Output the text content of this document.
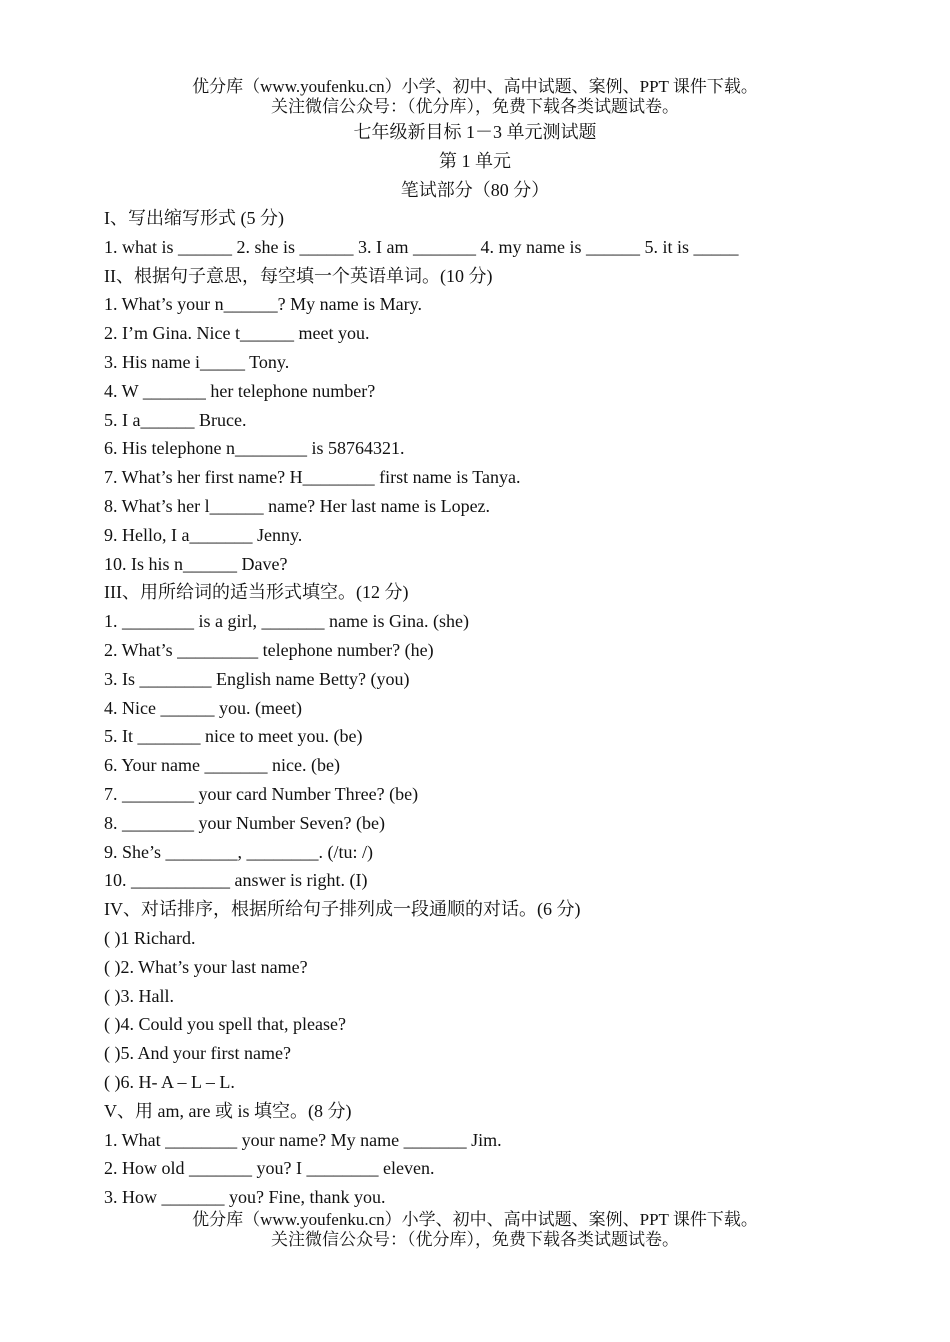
优分库（www.youfenku.cn）小学、初中、高中试题、案例、PPT 课件下载。
关注微信公众号：（优分库），免费下载各类试题试卷。
七年级新目标 1－3 单元测试题
第 1 单元
笔试部分（80 分）
I、写出缩写形式 (5 分)
1. what is ______ 2. she is ______ 3. I am _______ 4. my name is ______ 5. it is _____
II、根据句子意思，每空填一个英语单词。(10 分)
1. What’s your n______? My name is Mary.
2. I’m Gina. Nice t______ meet you.
3. His name i_____ Tony.
4. W _______ her telephone number?
5. I a______ Bruce.
6. His telephone n________ is 58764321.
7. What’s her first name? H________ first name is Tanya.
8. What’s her l______ name? Her last name is Lopez.
9. Hello, I a_______ Jenny.
10. Is his n______ Dave?
III、用所给词的适当形式填空。(12 分)
1. ________ is a girl, _______ name is Gina. (she)
2. What’s _________ telephone number? (he)
3. Is ________ English name Betty? (you)
4. Nice ______ you. (meet)
5. It _______ nice to meet you. (be)
6. Your name _______ nice. (be)
7. ________ your card Number Three? (be)
8. ________ your Number Seven? (be)
9. She’s ________, ________. (/tu: /)
10. ___________ answer is right. (I)
IV、对话排序，根据所给句子排列成一段通顺的对话。(6 分)
( )1 Richard.
( )2. What’s your last name?
( )3. Hall.
( )4. Could you spell that, please?
( )5. And your first name?
( )6. H- A – L – L.
V、用 am, are 或 is 填空。(8 分)
1. What ________ your name? My name _______ Jim.
2. How old _______ you? I ________ eleven.
3. How _______ you? Fine, thank you.
优分库（www.youfenku.cn）小学、初中、高中试题、案例、PPT 课件下载。
关注微信公众号：（优分库），免费下载各类试题试卷。
